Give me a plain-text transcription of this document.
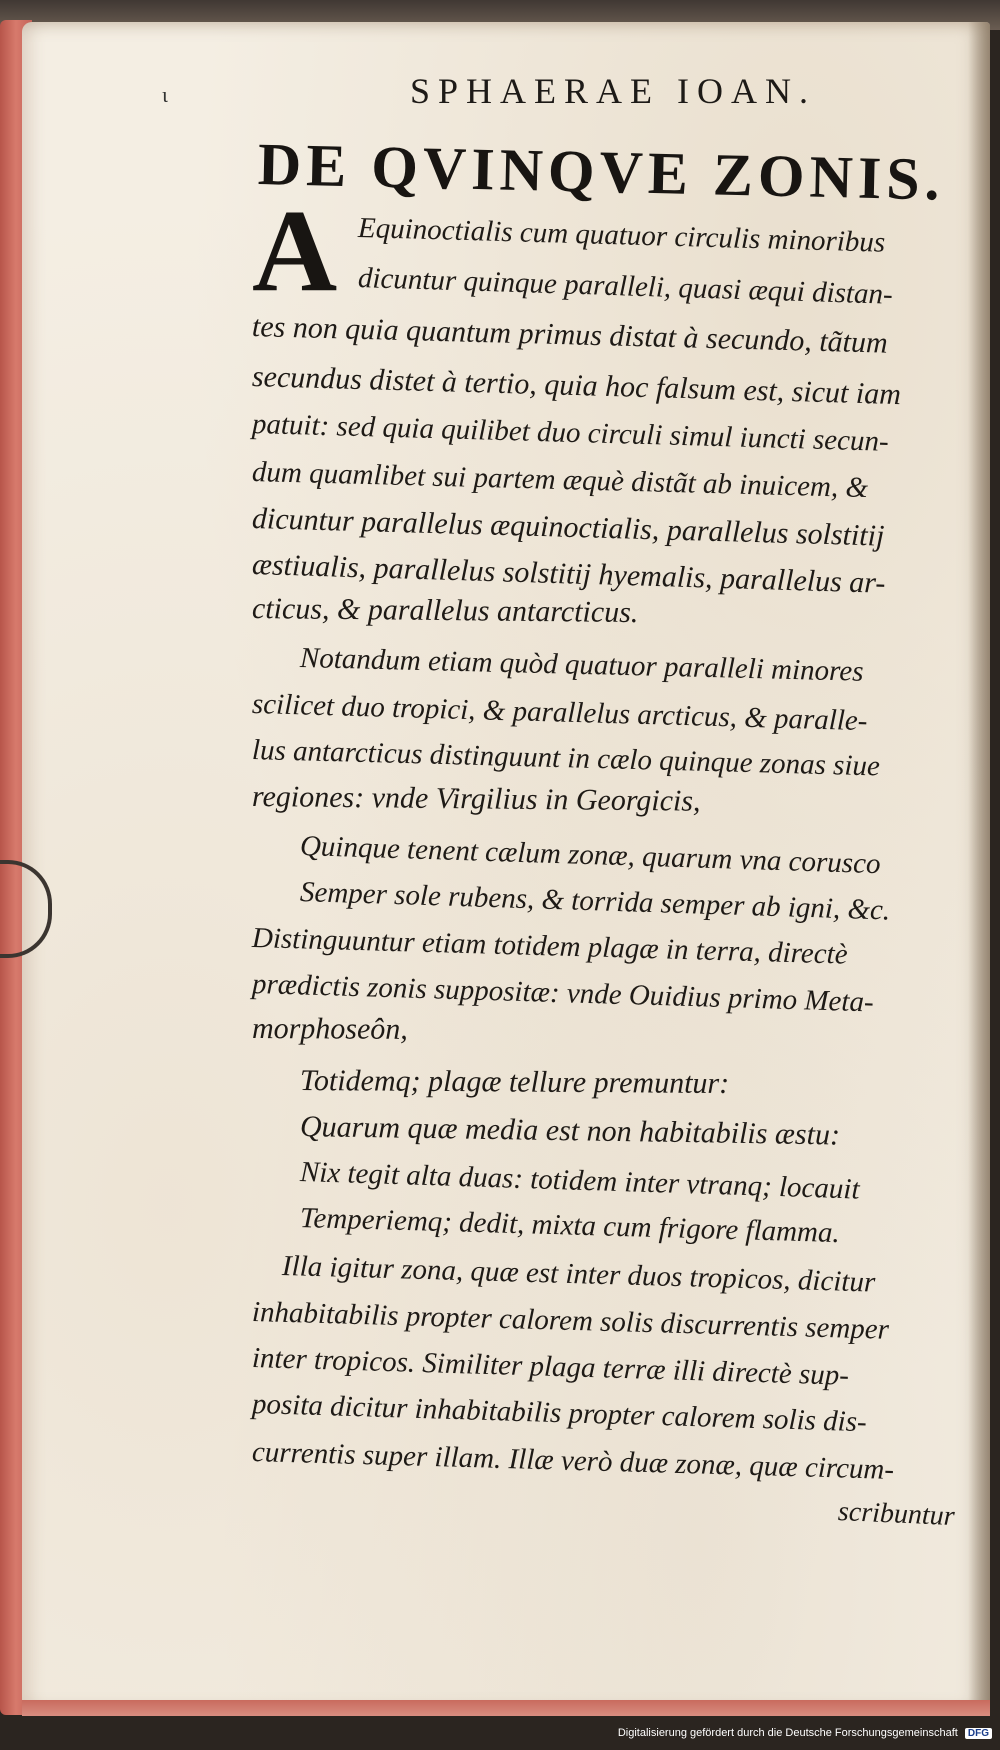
ι	SPHAERAE IOAN.
DE QVINQVE ZONIS.
A Equinoctialis cum quatuor circulis minoribus
dicuntur quinque paralleli, quasi æqui distan-
tes non quia quantum primus distat à secundo, tãtum
secundus distet à tertio, quia hoc falsum est, sicut iam
patuit: sed quia quilibet duo circuli simul iuncti secun-
dum quamlibet sui partem æquè distãt ab inuicem, &
dicuntur parallelus æquinoctialis, parallelus solstitij
æstiualis, parallelus solstitij hyemalis, parallelus ar-
cticus, & parallelus antarcticus.
Notandum etiam quòd quatuor paralleli minores
scilicet duo tropici, & parallelus arcticus, & paralle-
lus antarcticus distinguunt in cælo quinque zonas siue
regiones: vnde Virgilius in Georgicis,
Quinque tenent cælum zonæ, quarum vna corusco
Semper sole rubens, & torrida semper ab igni, &c.
Distinguuntur etiam totidem plagæ in terra, directè
prædictis zonis suppositæ: vnde Ouidius primo Meta-
morphoseôn,
Totidemq; plagæ tellure premuntur:
Quarum quæ media est non habitabilis æstu:
Nix tegit alta duas: totidem inter vtranq; locauit
Temperiemq; dedit, mixta cum frigore flamma.
Illa igitur zona, quæ est inter duos tropicos, dicitur
inhabitabilis propter calorem solis discurrentis semper
inter tropicos. Similiter plaga terræ illi directè sup-
posita dicitur inhabitabilis propter calorem solis dis-
currentis super illam. Illæ verò duæ zonæ, quæ circum-
scribuntur
Digitalisierung gefördert durch die Deutsche Forschungsgemeinschaft DFG
